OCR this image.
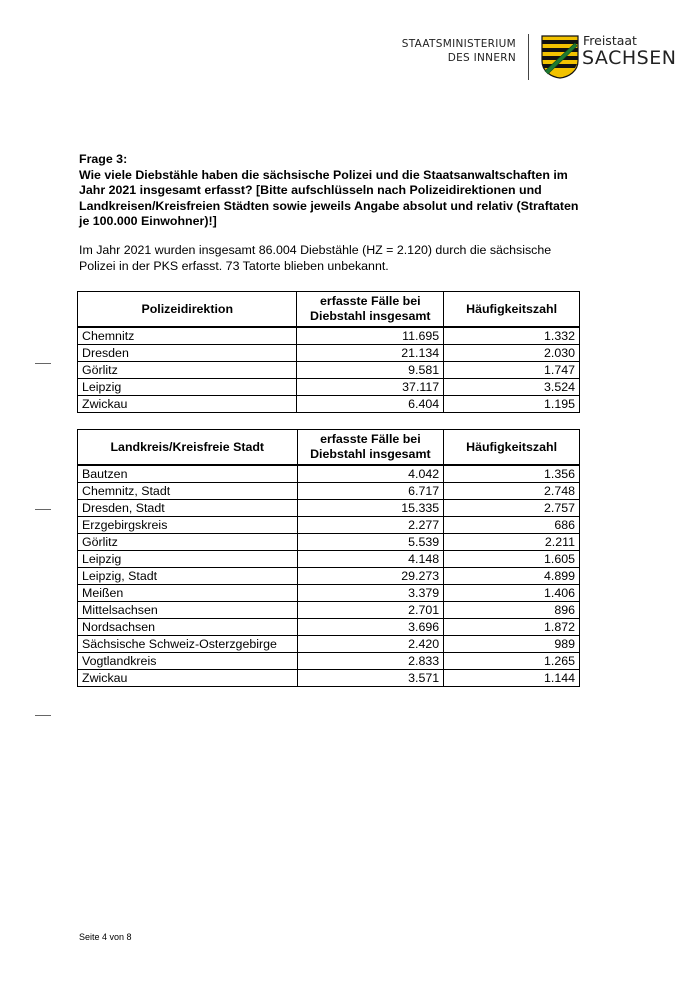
STAATSMINISTERIUM
DES INNERN
Freistaat
SACHSEN
Frage 3:
Wie viele Diebstähle haben die sächsische Polizei und die Staatsanwaltschaften im Jahr 2021 insgesamt erfasst? [Bitte aufschlüsseln nach Polizeidirektionen und Landkreisen/Kreisfreien Städten sowie jeweils Angabe absolut und relativ (Straftaten je 100.000 Einwohner)!]
Im Jahr 2021 wurden insgesamt 86.004 Diebstähle (HZ = 2.120) durch die sächsische Polizei in der PKS erfasst. 73 Tatorte blieben unbekannt.
Polizeidirektion	erfasste Fälle bei Diebstahl insgesamt	Häufigkeitszahl
Chemnitz	11.695	1.332
Dresden	21.134	2.030
Görlitz	9.581	1.747
Leipzig	37.117	3.524
Zwickau	6.404	1.195
Landkreis/Kreisfreie Stadt	erfasste Fälle bei Diebstahl insgesamt	Häufigkeitszahl
Bautzen	4.042	1.356
Chemnitz, Stadt	6.717	2.748
Dresden, Stadt	15.335	2.757
Erzgebirgskreis	2.277	686
Görlitz	5.539	2.211
Leipzig	4.148	1.605
Leipzig, Stadt	29.273	4.899
Meißen	3.379	1.406
Mittelsachsen	2.701	896
Nordsachsen	3.696	1.872
Sächsische Schweiz-Osterzgebirge	2.420	989
Vogtlandkreis	2.833	1.265
Zwickau	3.571	1.144
Seite 4 von 8
